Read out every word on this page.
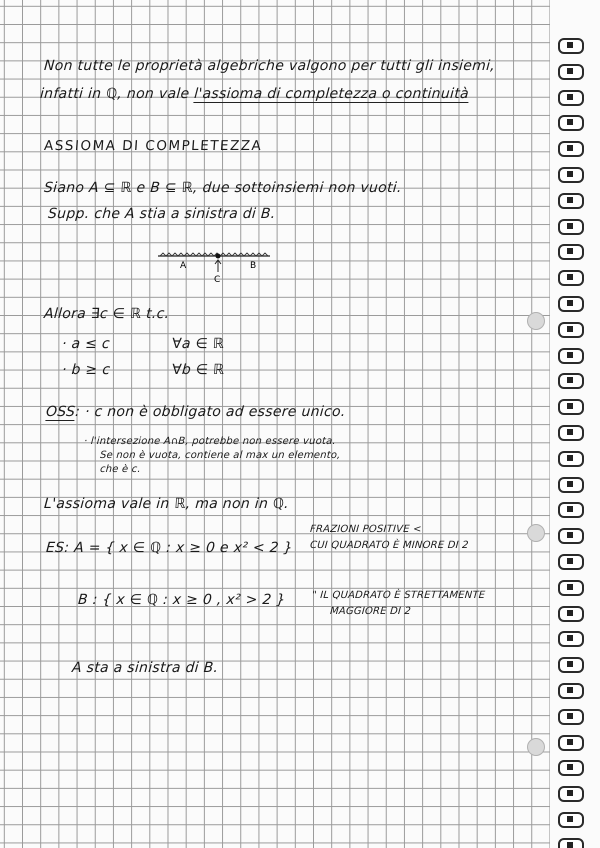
Non tutte le proprietà algebriche valgono per tutti gli insiemi,
infatti in ℚ, non vale l'assioma di completezza o continuità
ASSIOMA DI COMPLETEZZA
Siano A ⊆ ℝ e B ⊆ ℝ, due sottoinsiemi non vuoti.
Supp. che A stia a sinistra di B.
A	B
C
Allora ∃c ∈ ℝ t.c.
· a ≤ c	∀a ∈ ℝ
· b ≥ c	∀b ∈ ℝ
OSS: · c non è obbligato ad essere unico.
· l'intersezione A∩B, potrebbe non essere vuota.
Se non è vuota, contiene al max un elemento,
che è c.
L'assioma vale in ℝ, ma non in ℚ.
ES: A = { x ∈ ℚ : x ≥ 0 e x² < 2 }
FRAZIONI POSITIVE <
CUI QUADRATO È MINORE DI 2
B : { x ∈ ℚ : x ≥ 0 , x² > 2 }	" IL QUADRATO È STRETTAMENTE
MAGGIORE DI 2
A sta a sinistra di B.
